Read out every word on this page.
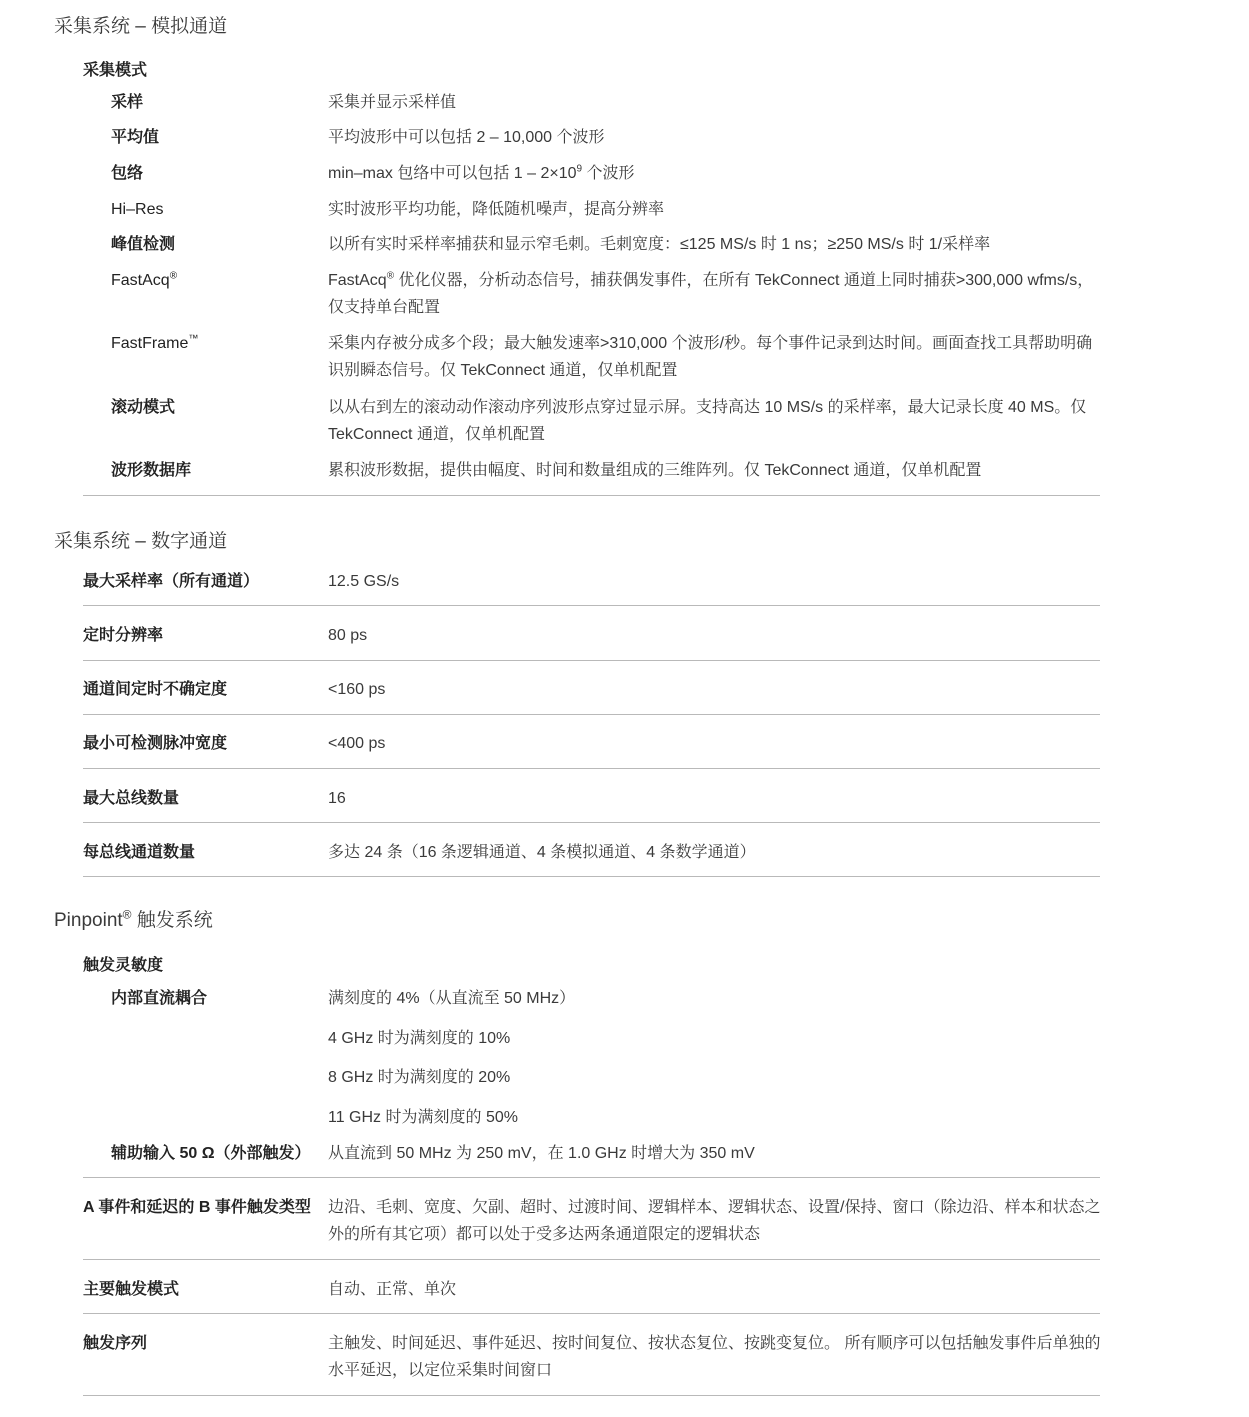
采集系统 – 模拟通道
采集模式
采样	采集并显示采样值
平均值	平均波形中可以包括 2 – 10,000 个波形
包络	min–max 包络中可以包括 $1 - 2\times 10^9$ 个波形
Hi–Res	实时波形平均功能，降低随机噪声，提高分辨率
峰值检测	以所有实时采样率捕获和显示窄毛刺。毛刺宽度：≤125 MS/s 时 1 ns；≥250 MS/s 时 1/采样率
FastAcq®	FastAcq® 优化仪器，分析动态信号，捕获偶发事件，在所有 TekConnect 通道上同时捕获>300,000 wfms/s，仅支持单台配置
FastFrame™	采集内存被分成多个段；最大触发速率>310,000 个波形/秒。每个事件记录到达时间。画面查找工具帮助明确识别瞬态信号。仅 TekConnect 通道，仅单机配置
滚动模式	以从右到左的滚动动作滚动序列波形点穿过显示屏。支持高达 10 MS/s 的采样率，最大记录长度 40 MS。仅 TekConnect 通道，仅单机配置
波形数据库	累积波形数据，提供由幅度、时间和数量组成的三维阵列。仅 TekConnect 通道，仅单机配置
采集系统 – 数字通道
最大采样率（所有通道）	12.5 GS/s
定时分辨率	80 ps
通道间定时不确定度	<160 ps
最小可检测脉冲宽度	<400 ps
最大总线数量	16
每总线通道数量	多达 24 条（16 条逻辑通道、4 条模拟通道、4 条数学通道）
Pinpoint® 触发系统
触发灵敏度
内部直流耦合	满刻度的 4%（从直流至 50 MHz）
4 GHz 时为满刻度的 10%
8 GHz 时为满刻度的 20%
11 GHz 时为满刻度的 50%
辅助输入 50 Ω（外部触发）	从直流到 50 MHz 为 250 mV，在 1.0 GHz 时增大为 350 mV
A 事件和延迟的 B 事件触发类型	边沿、毛刺、宽度、欠副、超时、过渡时间、逻辑样本、逻辑状态、设置/保持、窗口（除边沿、样本和状态之外的所有其它项）都可以处于受多达两条通道限定的逻辑状态
主要触发模式	自动、正常、单次
触发序列	主触发、时间延迟、事件延迟、按时间复位、按状态复位、按跳变复位。 所有顺序可以包括触发事件后单独的水平延迟，以定位采集时间窗口
